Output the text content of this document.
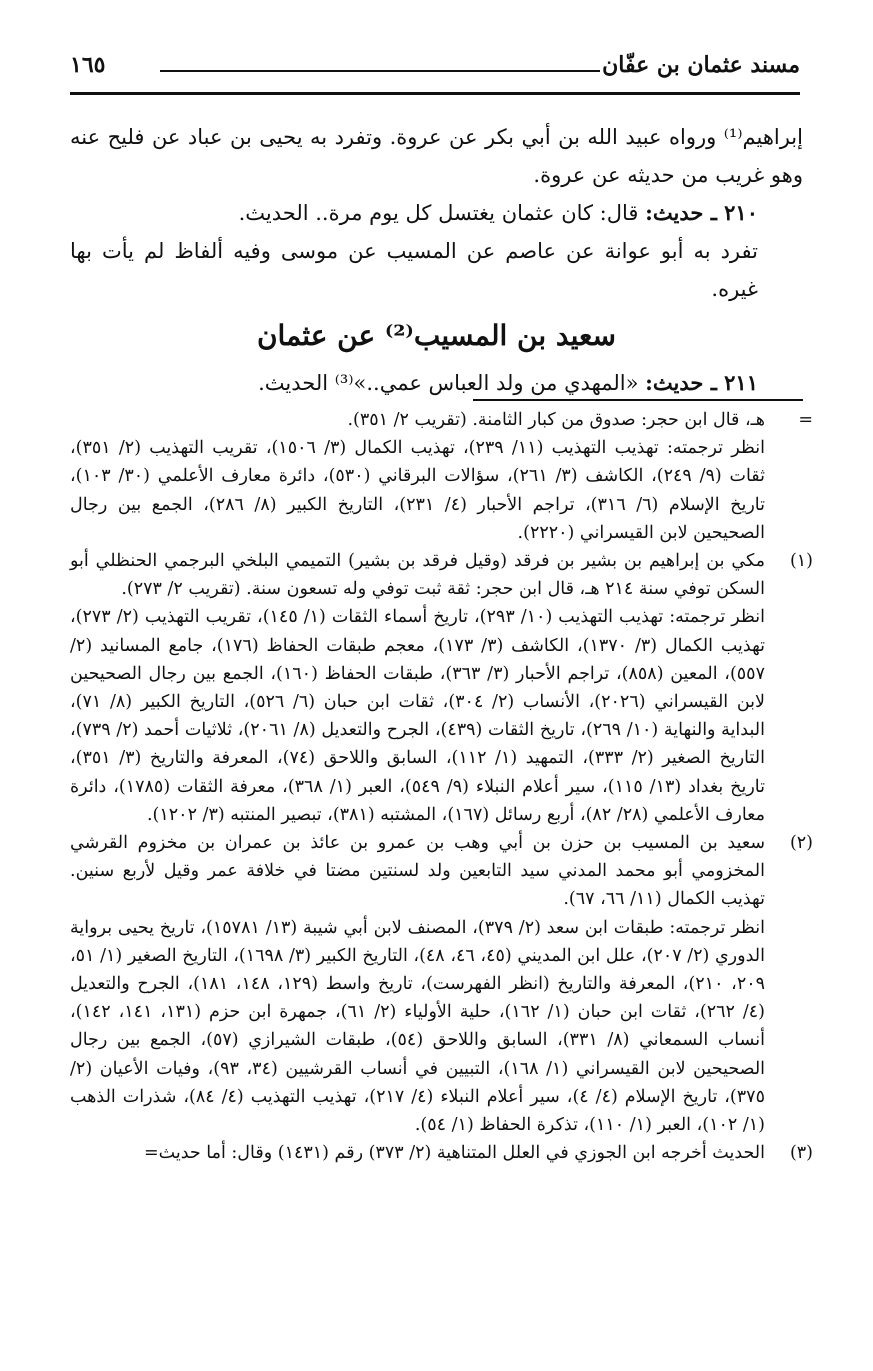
مسند عثمان بن عفّان
١٦٥

إبراهيم⁽¹⁾ ورواه عبيد الله بن أبي بكر عن عروة. وتفرد به يحيى بن عباد عن فليح عنه وهو غريب من حديثه عن عروة.

٢١٠ ـ حديث: قال: كان عثمان يغتسل كل يوم مرة.. الحديث.

تفرد به أبو عوانة عن عاصم عن المسيب عن موسى وفيه ألفاظ لم يأت بها غيره.

سعيد بن المسيب⁽²⁾ عن عثمان

٢١١ ـ حديث: «المهدي من ولد العباس عمي..»⁽³⁾ الحديث.

=

هـ، قال ابن حجر: صدوق من كبار الثامنة. (تقريب ٢/ ٣٥١).

انظر ترجمته: تهذيب التهذيب (١١/ ٢٣٩)، تهذيب الكمال (٣/ ١٥٠٦)، تقريب التهذيب (٢/ ٣٥١)، ثقات (٩/ ٢٤٩)، الكاشف (٣/ ٢٦١)، سؤالات البرقاني (٥٣٠)، دائرة معارف الأعلمي (٣٠/ ١٠٣)، تاريخ الإسلام (٦/ ٣١٦)، تراجم الأحبار (٤/ ٢٣١)، التاريخ الكبير (٨/ ٢٨٦)، الجمع بين رجال الصحيحين لابن القيسراني (٢٢٢٠).

(١)

مكي بن إبراهيم بن بشير بن فرقد (وقيل فرقد بن بشير) التميمي البلخي البرجمي الحنظلي أبو السكن توفي سنة ٢١٤ هـ، قال ابن حجر: ثقة ثبت توفي وله تسعون سنة. (تقريب ٢/ ٢٧٣).

انظر ترجمته: تهذيب التهذيب (١٠/ ٢٩٣)، تاريخ أسماء الثقات (١/ ١٤٥)، تقريب التهذيب (٢/ ٢٧٣)، تهذيب الكمال (٣/ ١٣٧٠)، الكاشف (٣/ ١٧٣)، معجم طبقات الحفاظ (١٧٦)، جامع المسانيد (٢/ ٥٥٧)، المعين (٨٥٨)، تراجم الأحبار (٣/ ٣٦٣)، طبقات الحفاظ (١٦٠)، الجمع بين رجال الصحيحين لابن القيسراني (٢٠٢٦)، الأنساب (٢/ ٣٠٤)، ثقات ابن حبان (٦/ ٥٢٦)، التاريخ الكبير (٨/ ٧١)، البداية والنهاية (١٠/ ٢٦٩)، تاريخ الثقات (٤٣٩)، الجرح والتعديل (٨/ ٢٠٦١)، ثلاثيات أحمد (٢/ ٧٣٩)، التاريخ الصغير (٢/ ٣٣٣)، التمهيد (١/ ١١٢)، السابق واللاحق (٧٤)، المعرفة والتاريخ (٣/ ٣٥١)، تاريخ بغداد (١٣/ ١١٥)، سير أعلام النبلاء (٩/ ٥٤٩)، العبر (١/ ٣٦٨)، معرفة الثقات (١٧٨٥)، دائرة معارف الأعلمي (٢٨/ ٨٢)، أربع رسائل (١٦٧)، المشتبه (٣٨١)، تبصير المنتبه (٣/ ١٢٠٢).

(٢)

سعيد بن المسيب بن حزن بن أبي وهب بن عمرو بن عائذ بن عمران بن مخزوم القرشي المخزومي أبو محمد المدني سيد التابعين ولد لسنتين مضتا في خلافة عمر وقيل لأربع سنين. تهذيب الكمال (١١/ ٦٦، ٦٧).

انظر ترجمته: طبقات ابن سعد (٢/ ٣٧٩)، المصنف لابن أبي شيبة (١٣/ ١٥٧٨١)، تاريخ يحيى برواية الدوري (٢/ ٢٠٧)، علل ابن المديني (٤٥، ٤٦، ٤٨)، التاريخ الكبير (٣/ ١٦٩٨)، التاريخ الصغير (١/ ٥١، ٢٠٩، ٢١٠)، المعرفة والتاريخ (انظر الفهرست)، تاريخ واسط (١٢٩، ١٤٨، ١٨١)، الجرح والتعديل (٤/ ٢٦٢)، ثقات ابن حبان (١/ ١٦٢)، حلية الأولياء (٢/ ٦١)، جمهرة ابن حزم (١٣١، ١٤١، ١٤٢)، أنساب السمعاني (٨/ ٣٣١)، السابق واللاحق (٥٤)، طبقات الشيرازي (٥٧)، الجمع بين رجال الصحيحين لابن القيسراني (١/ ١٦٨)، التبيين في أنساب القرشيين (٣٤، ٩٣)، وفيات الأعيان (٢/ ٣٧٥)، تاريخ الإسلام (٤/ ٤)، سير أعلام النبلاء (٤/ ٢١٧)، تهذيب التهذيب (٤/ ٨٤)، شذرات الذهب (١/ ١٠٢)، العبر (١/ ١١٠)، تذكرة الحفاظ (١/ ٥٤).

(٣)

الحديث أخرجه ابن الجوزي في العلل المتناهية (٢/ ٣٧٣) رقم (١٤٣١) وقال: أما حديث=
